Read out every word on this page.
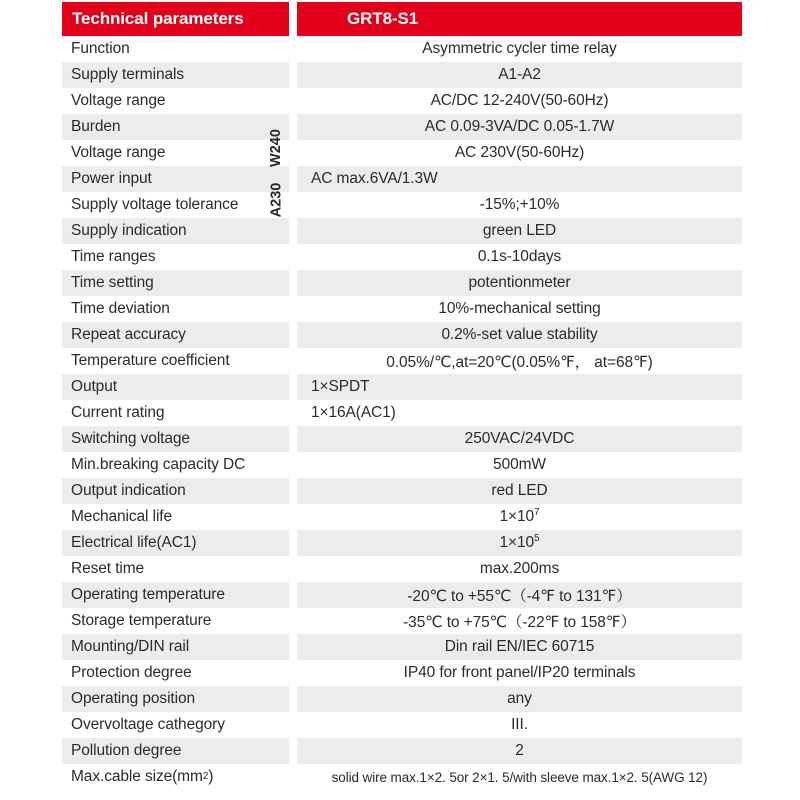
Technical parameters	GRT8-S1
Function	Asymmetric cycler time relay
Supply terminals	A1-A2
Voltage range	AC/DC 12-240V(50-60Hz)
Burden	AC 0.09-3VA/DC 0.05-1.7W
Voltage range	AC 230V(50-60Hz)
Power input	AC max.6VA/1.3W
Supply voltage tolerance	-15%;+10%
Supply indication	green LED
Time ranges	0.1s-10days
Time setting	potentionmeter
Time deviation	10%-mechanical setting
Repeat accuracy	0.2%-set value stability
Temperature coefficient	0.05%/℃,at=20℃(0.05%℉， at=68℉)
Output	1×SPDT
Current rating	1×16A(AC1)
Switching voltage	250VAC/24VDC
Min.breaking capacity DC	500mW
Output indication	red LED
Mechanical life	$1\times 10^7$
Electrical life(AC1)	$1\times 10^5$
Reset time	max.200ms
Operating temperature	-20℃ to +55℃（-4℉ to 131℉）
Storage temperature	-35℃ to +75℃（-22℉ to 158℉）
Mounting/DIN rail	Din rail EN/IEC 60715
Protection degree	IP40 for front panel/IP20 terminals
Operating position	any
Overvoltage cathegory	III.
Pollution degree	2
Max.cable size(mm 2 )	solid wire max.1×2. 5or 2×1. 5/with sleeve max.1×2. 5(AWG 12)
W240
A230
